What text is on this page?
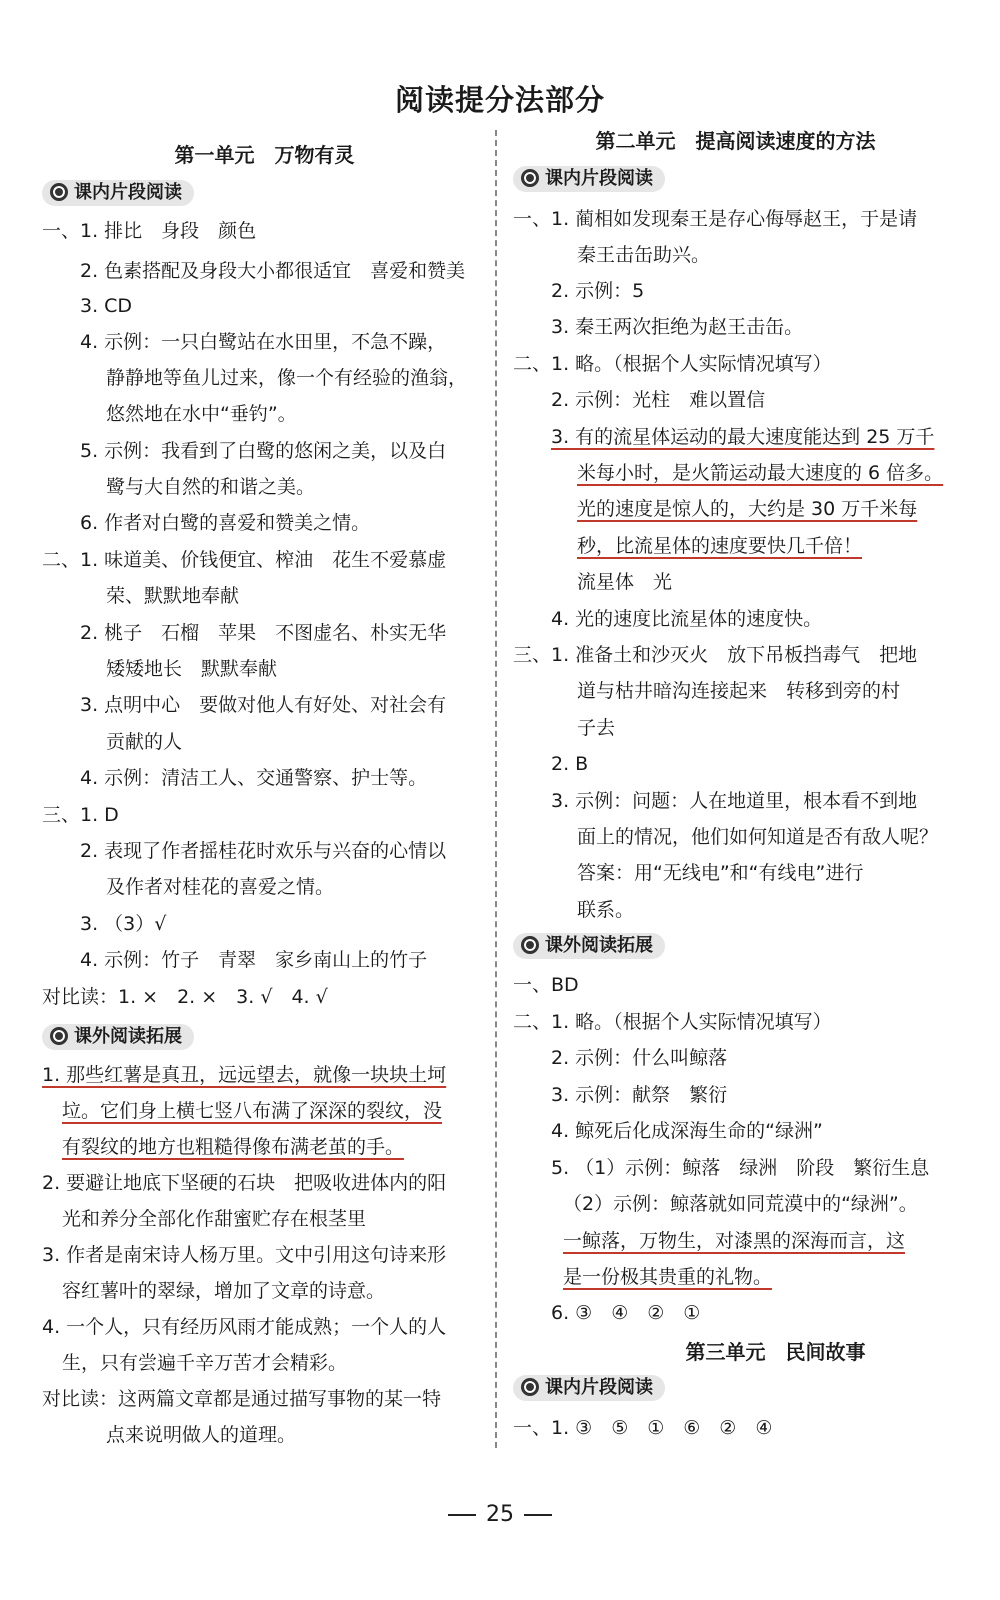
阅读提分法部分
第一单元　万物有灵
课内片段阅读
一、1. 排比　身段　颜色
2. 色素搭配及身段大小都很适宜　喜爱和赞美
3. CD
4. 示例：一只白鹭站在水田里，不急不躁，
静静地等鱼儿过来，像一个有经验的渔翁，
悠然地在水中“垂钓”。
5. 示例：我看到了白鹭的悠闲之美，以及白
鹭与大自然的和谐之美。
6. 作者对白鹭的喜爱和赞美之情。
二、1. 味道美、价钱便宜、榨油　花生不爱慕虚
荣、默默地奉献
2. 桃子　石榴　苹果　不图虚名、朴实无华
矮矮地长　默默奉献
3. 点明中心　要做对他人有好处、对社会有
贡献的人
4. 示例：清洁工人、交通警察、护士等。
三、1. D
2. 表现了作者摇桂花时欢乐与兴奋的心情以
及作者对桂花的喜爱之情。
3. （3）√
4. 示例：竹子　青翠　家乡南山上的竹子
对比读：1. ×　2. ×　3. √　4. √
课外阅读拓展
1. 那些红薯是真丑，远远望去，就像一块块土坷
垃。它们身上横七竖八布满了深深的裂纹，没
有裂纹的地方也粗糙得像布满老茧的手。
2. 要避让地底下坚硬的石块　把吸收进体内的阳
光和养分全部化作甜蜜贮存在根茎里
3. 作者是南宋诗人杨万里。文中引用这句诗来形
容红薯叶的翠绿，增加了文章的诗意。
4. 一个人，只有经历风雨才能成熟；一个人的人
生，只有尝遍千辛万苦才会精彩。
对比读：这两篇文章都是通过描写事物的某一特
点来说明做人的道理。
第二单元　提高阅读速度的方法
课内片段阅读
一、1. 蔺相如发现秦王是存心侮辱赵王，于是请
秦王击缶助兴。
2. 示例：5
3. 秦王两次拒绝为赵王击缶。
二、1. 略。（根据个人实际情况填写）
2. 示例：光柱　难以置信
3. 有的流星体运动的最大速度能达到 25 万千
米每小时，是火箭运动最大速度的 6 倍多。
光的速度是惊人的，大约是 30 万千米每
秒，比流星体的速度要快几千倍！
流星体　光
4. 光的速度比流星体的速度快。
三、1. 准备土和沙灭火　放下吊板挡毒气　把地
道与枯井暗沟连接起来　转移到旁的村
子去
2. B
3. 示例：问题：人在地道里，根本看不到地
面上的情况，他们如何知道是否有敌人呢？
答案：用“无线电”和“有线电”进行
联系。
课外阅读拓展
一、BD
二、1. 略。（根据个人实际情况填写）
2. 示例：什么叫鲸落
3. 示例：献祭　繁衍
4. 鲸死后化成深海生命的“绿洲”
5. （1）示例：鲸落　绿洲　阶段　繁衍生息
（2）示例：鲸落就如同荒漠中的“绿洲”。
一鲸落，万物生，对漆黑的深海而言，这
是一份极其贵重的礼物。
6. ③　④　②　①
第三单元　民间故事
课内片段阅读
一、1. ③　⑤　①　⑥　②　④
25
